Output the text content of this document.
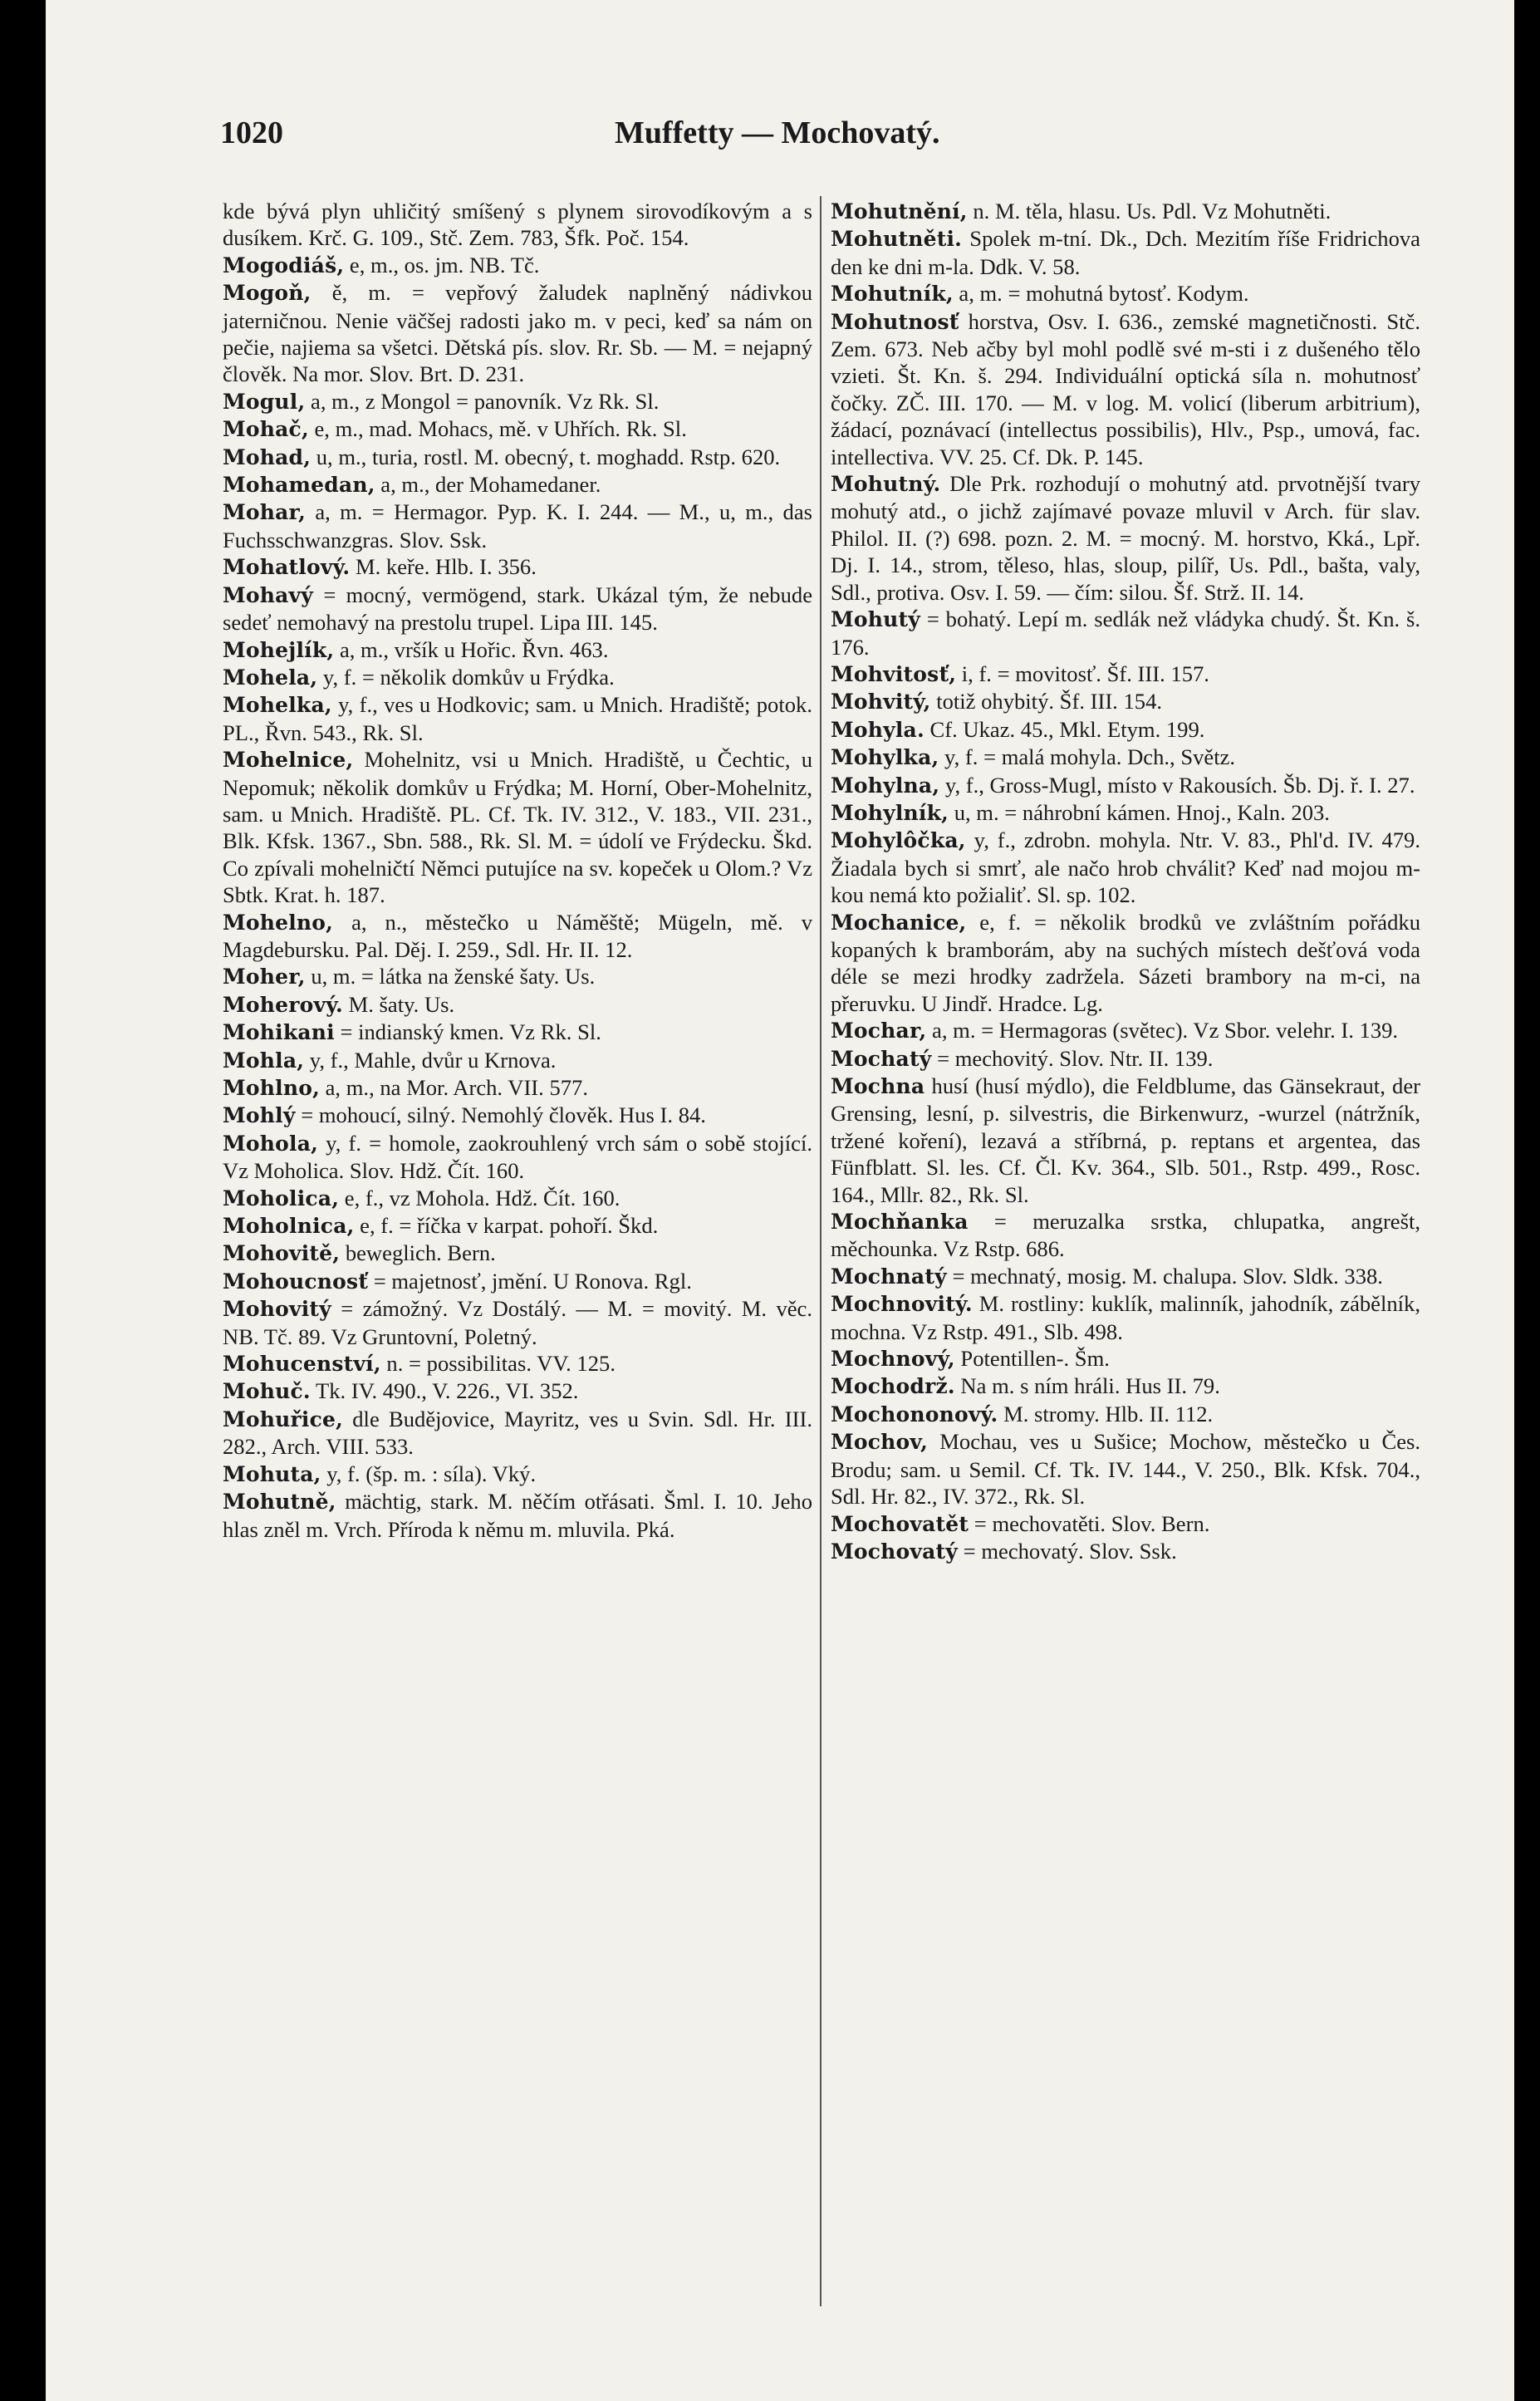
1020	Muffetty — Mochovatý.

kde bývá plyn uhličitý smíšený s plynem sirovodíkovým a s dusíkem. Krč. G. 109., Stč. Zem. 783, Šfk. Poč. 154.

Mogodiáš, e, m., os. jm. NB. Tč.

Mogoň, ě, m. = vepřový žaludek naplněný nádivkou jaterničnou. Nenie väčšej radosti jako m. v peci, keď sa nám on pečie, najiema sa všetci. Dětská pís. slov. Rr. Sb. — M. = nejapný člověk. Na mor. Slov. Brt. D. 231.

Mogul, a, m., z Mongol = panovník. Vz Rk. Sl.

Mohač, e, m., mad. Mohacs, mě. v Uhřích. Rk. Sl.

Mohad, u, m., turia, rostl. M. obecný, t. moghadd. Rstp. 620.

Mohamedan, a, m., der Mohamedaner.

Mohar, a, m. = Hermagor. Pyp. K. I. 244. — M., u, m., das Fuchsschwanzgras. Slov. Ssk.

Mohatlový. M. keře. Hlb. I. 356.

Mohavý = mocný, vermögend, stark. Ukázal tým, že nebude sedeť nemohavý na prestolu trupel. Lipa III. 145.

Mohejlík, a, m., vršík u Hořic. Řvn. 463.

Mohela, y, f. = několik domkův u Frýdka.

Mohelka, y, f., ves u Hodkovic; sam. u Mnich. Hradiště; potok. PL., Řvn. 543., Rk. Sl.

Mohelnice, Mohelnitz, vsi u Mnich. Hradiště, u Čechtic, u Nepomuk; několik domkův u Frýdka; M. Horní, Ober-Mohelnitz, sam. u Mnich. Hradiště. PL. Cf. Tk. IV. 312., V. 183., VII. 231., Blk. Kfsk. 1367., Sbn. 588., Rk. Sl. M. = údolí ve Frýdecku. Škd. Co zpívali mohelničtí Němci putujíce na sv. kopeček u Olom.? Vz Sbtk. Krat. h. 187.

Mohelno, a, n., městečko u Náměště; Mügeln, mě. v Magdebursku. Pal. Děj. I. 259., Sdl. Hr. II. 12.

Moher, u, m. = látka na ženské šaty. Us.

Moherový. M. šaty. Us.

Mohikani = indianský kmen. Vz Rk. Sl.

Mohla, y, f., Mahle, dvůr u Krnova.

Mohlno, a, m., na Mor. Arch. VII. 577.

Mohlý = mohoucí, silný. Nemohlý člověk. Hus I. 84.

Mohola, y, f. = homole, zaokrouhlený vrch sám o sobě stojící. Vz Moholica. Slov. Hdž. Čít. 160.

Moholica, e, f., vz Mohola. Hdž. Čít. 160.

Moholnica, e, f. = říčka v karpat. pohoří. Škd.

Mohovitě, beweglich. Bern.

Mohoucnosť = majetnosť, jmění. U Ronova. Rgl.

Mohovitý = zámožný. Vz Dostálý. — M. = movitý. M. věc. NB. Tč. 89. Vz Gruntovní, Poletný.

Mohucenství, n. = possibilitas. VV. 125.

Mohuč. Tk. IV. 490., V. 226., VI. 352.

Mohuřice, dle Budějovice, Mayritz, ves u Svin. Sdl. Hr. III. 282., Arch. VIII. 533.

Mohuta, y, f. (šp. m. : síla). Vký.

Mohutně, mächtig, stark. M. něčím otřásati. Šml. I. 10. Jeho hlas zněl m. Vrch. Příroda k němu m. mluvila. Pká.

Mohutnění, n. M. těla, hlasu. Us. Pdl. Vz Mohutněti.

Mohutněti. Spolek m-tní. Dk., Dch. Mezitím říše Fridrichova den ke dni m-la. Ddk. V. 58.

Mohutník, a, m. = mohutná bytosť. Kodym.

Mohutnosť horstva, Osv. I. 636., zemské magnetičnosti. Stč. Zem. 673. Neb ačby byl mohl podlě své m-sti i z dušeného tělo vzieti. Št. Kn. š. 294. Individuální optická síla n. mohutnosť čočky. ZČ. III. 170. — M. v log. M. volicí (liberum arbitrium), žádací, poznávací (intellectus possibilis), Hlv., Psp., umová, fac. intellectiva. VV. 25. Cf. Dk. P. 145.

Mohutný. Dle Prk. rozhodují o mohutný atd. prvotnější tvary mohutý atd., o jichž zajímavé povaze mluvil v Arch. für slav. Philol. II. (?) 698. pozn. 2. M. = mocný. M. horstvo, Kká., Lpř. Dj. I. 14., strom, těleso, hlas, sloup, pilíř, Us. Pdl., bašta, valy, Sdl., protiva. Osv. I. 59. — čím: silou. Šf. Strž. II. 14.

Mohutý = bohatý. Lepí m. sedlák než vládyka chudý. Št. Kn. š. 176.

Mohvitosť, i, f. = movitosť. Šf. III. 157.

Mohvitý, totiž ohybitý. Šf. III. 154.

Mohyla. Cf. Ukaz. 45., Mkl. Etym. 199.

Mohylka, y, f. = malá mohyla. Dch., Světz.

Mohylna, y, f., Gross-Mugl, místo v Rakousích. Šb. Dj. ř. I. 27.

Mohylník, u, m. = náhrobní kámen. Hnoj., Kaln. 203.

Mohylôčka, y, f., zdrobn. mohyla. Ntr. V. 83., Phl'd. IV. 479. Žiadala bych si smrť, ale načo hrob chválit? Keď nad mojou m-kou nemá kto požialiť. Sl. sp. 102.

Mochanice, e, f. = několik brodků ve zvláštním pořádku kopaných k bramborám, aby na suchých místech dešťová voda déle se mezi hrodky zadržela. Sázeti brambory na m-ci, na přeruvku. U Jindř. Hradce. Lg.

Mochar, a, m. = Hermagoras (světec). Vz Sbor. velehr. I. 139.

Mochatý = mechovitý. Slov. Ntr. II. 139.

Mochna husí (husí mýdlo), die Feldblume, das Gänsekraut, der Grensing, lesní, p. silvestris, die Birkenwurz, -wurzel (nátržník, tržené koření), lezavá a stříbrná, p. reptans et argentea, das Fünfblatt. Sl. les. Cf. Čl. Kv. 364., Slb. 501., Rstp. 499., Rosc. 164., Mllr. 82., Rk. Sl.

Mochňanka = meruzalka srstka, chlupatka, angrešt, měchounka. Vz Rstp. 686.

Mochnatý = mechnatý, mosig. M. chalupa. Slov. Sldk. 338.

Mochnovitý. M. rostliny: kuklík, malinník, jahodník, zábělník, mochna. Vz Rstp. 491., Slb. 498.

Mochnový, Potentillen-. Šm.

Mochodrž. Na m. s ním hráli. Hus II. 79.

Mochononový. M. stromy. Hlb. II. 112.

Mochov, Mochau, ves u Sušice; Mochow, městečko u Čes. Brodu; sam. u Semil. Cf. Tk. IV. 144., V. 250., Blk. Kfsk. 704., Sdl. Hr. 82., IV. 372., Rk. Sl.

Mochovatět = mechovatěti. Slov. Bern.

Mochovatý = mechovatý. Slov. Ssk.
